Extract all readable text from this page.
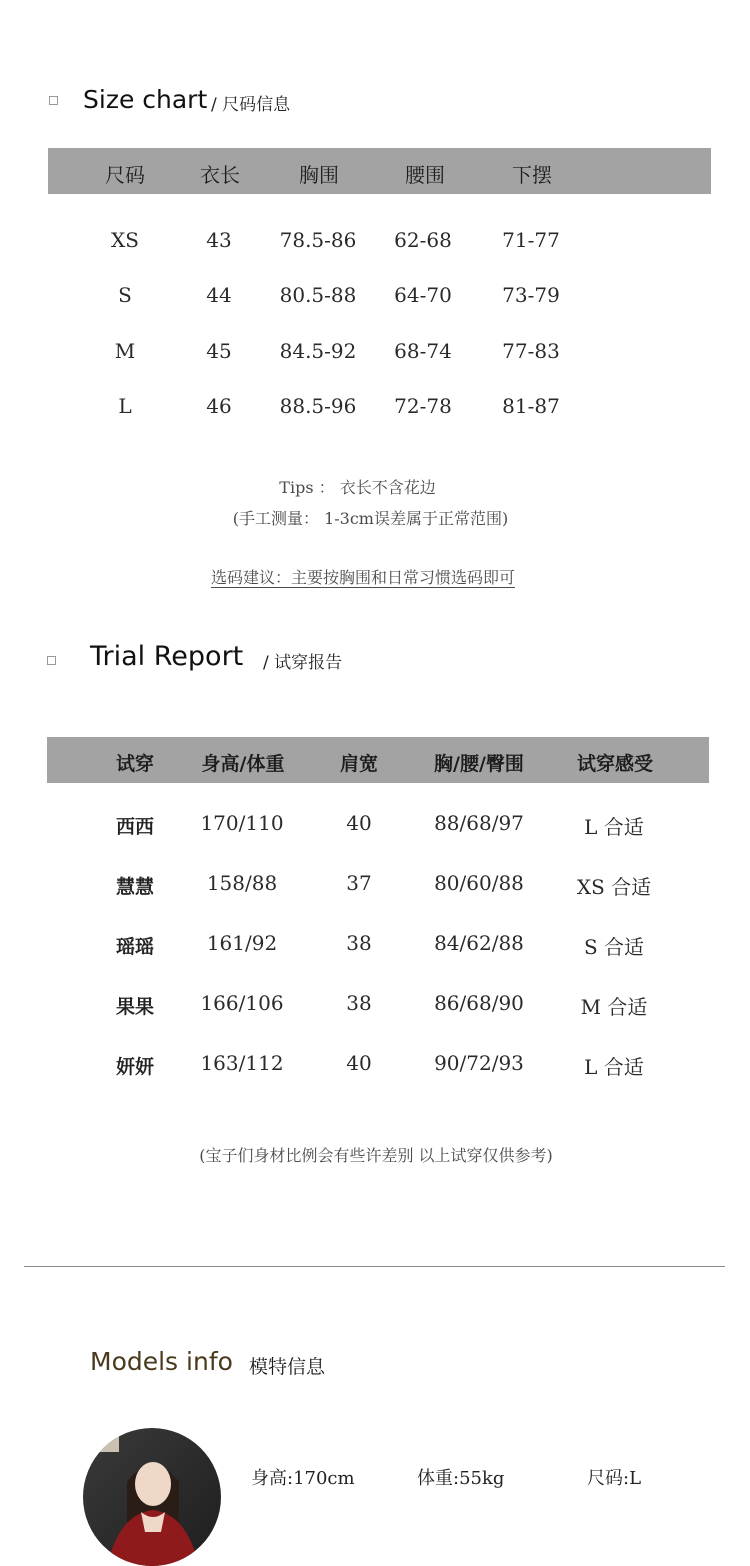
Size chart / 尺码信息
尺码	衣长	胸围	腰围	下摆
XS	43	78.5-86	62-68	71-77
S	44	80.5-88	64-70	73-79
M	45	84.5-92	68-74	77-83
L	46	88.5-96	72-78	81-87
Tips ： 衣长不含花边
(手工测量： 1-3cm误差属于正常范围)
选码建议：主要按胸围和日常习惯选码即可
Trial Report / 试穿报告
试穿	身高/体重	肩宽	胸/腰/臀围	试穿感受
西西	170/110	40	88/68/97	L 合适
慧慧	158/88	37	80/60/88	XS 合适
瑶瑶	161/92	38	84/62/88	S 合适
果果	166/106	38	86/68/90	M 合适
妍妍	163/112	40	90/72/93	L 合适
(宝子们身材比例会有些许差别 以上试穿仅供参考)
Models info 模特信息
身高:170cm	体重:55kg	尺码:L
